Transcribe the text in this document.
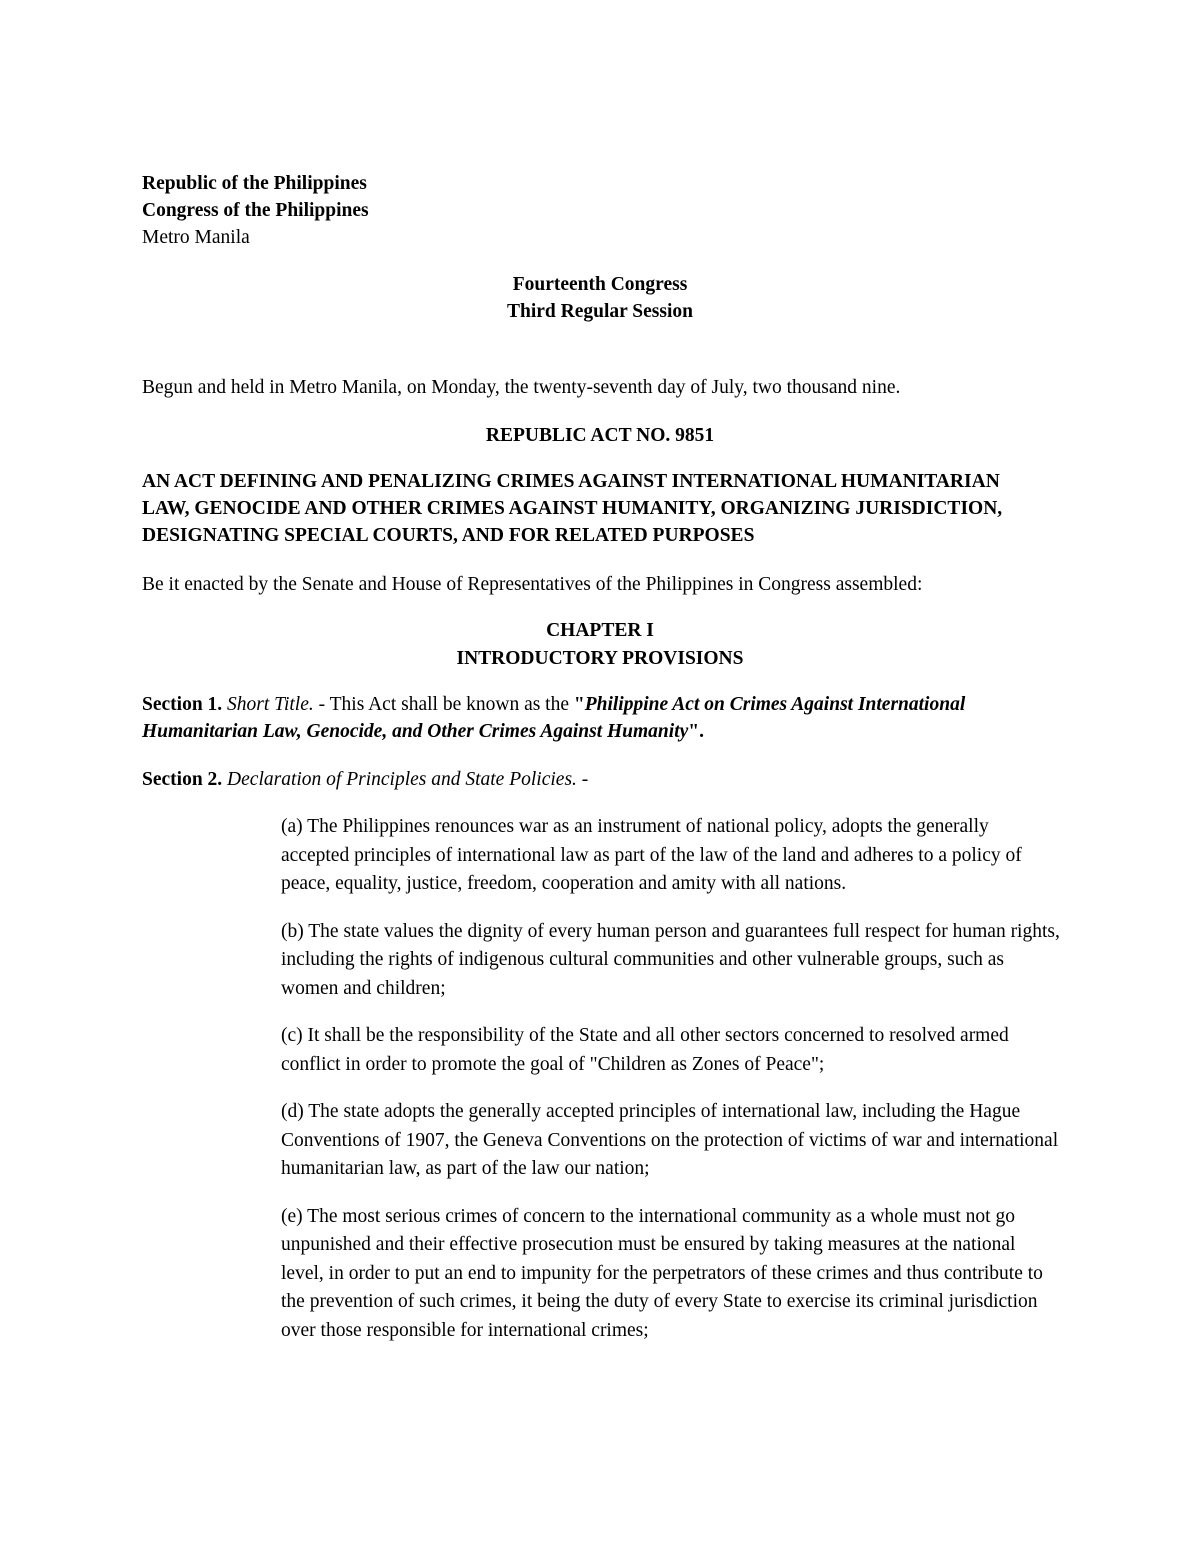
Republic of the Philippines
Congress of the Philippines
Metro Manila
Fourteenth Congress
Third Regular Session
Begun and held in Metro Manila, on Monday, the twenty-seventh day of July, two thousand nine.
REPUBLIC ACT NO. 9851
AN ACT DEFINING AND PENALIZING CRIMES AGAINST INTERNATIONAL HUMANITARIAN
LAW, GENOCIDE AND OTHER CRIMES AGAINST HUMANITY, ORGANIZING JURISDICTION,
DESIGNATING SPECIAL COURTS, AND FOR RELATED PURPOSES
Be it enacted by the Senate and House of Representatives of the Philippines in Congress assembled:
CHAPTER I
INTRODUCTORY PROVISIONS
Section 1. Short Title. - This Act shall be known as the "Philippine Act on Crimes Against International
Humanitarian Law, Genocide, and Other Crimes Against Humanity".
Section 2. Declaration of Principles and State Policies. -

(a) The Philippines renounces war as an instrument of national policy, adopts the generally accepted principles of international law as part of the law of the land and adheres to a policy of peace, equality, justice, freedom, cooperation and amity with all nations.

(b) The state values the dignity of every human person and guarantees full respect for human rights, including the rights of indigenous cultural communities and other vulnerable groups, such as women and children;

(c) It shall be the responsibility of the State and all other sectors concerned to resolved armed conflict in order to promote the goal of "Children as Zones of Peace";

(d) The state adopts the generally accepted principles of international law, including the Hague Conventions of 1907, the Geneva Conventions on the protection of victims of war and international humanitarian law, as part of the law our nation;

(e) The most serious crimes of concern to the international community as a whole must not go unpunished and their effective prosecution must be ensured by taking measures at the national level, in order to put an end to impunity for the perpetrators of these crimes and thus contribute to the prevention of such crimes, it being the duty of every State to exercise its criminal jurisdiction over those responsible for international crimes;
